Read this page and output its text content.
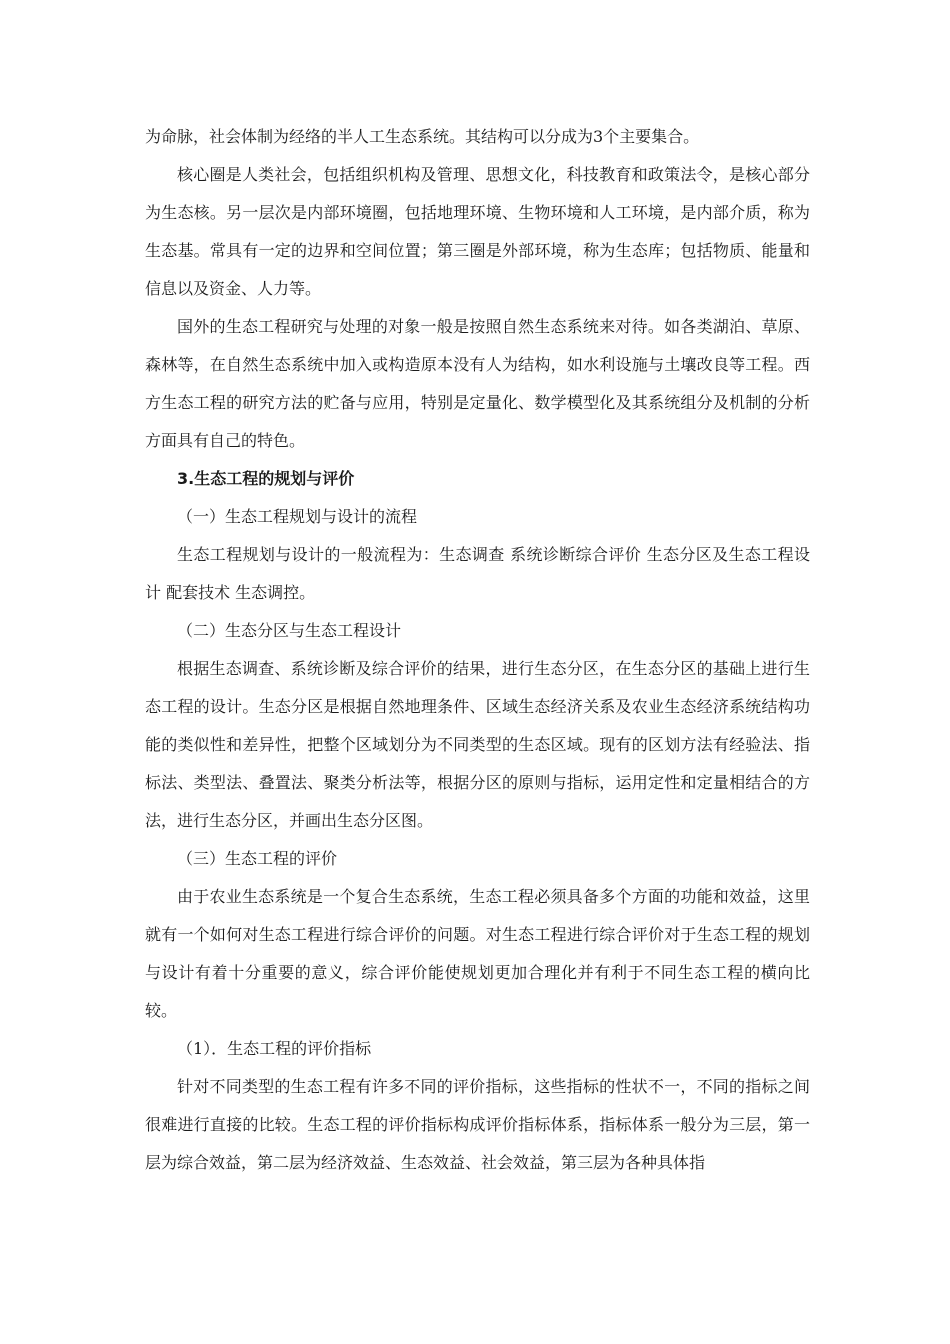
为命脉，社会体制为经络的半人工生态系统。其结构可以分成为3个主要集合。

核心圈是人类社会，包括组织机构及管理、思想文化，科技教育和政策法令，是核心部分为生态核。另一层次是内部环境圈，包括地理环境、生物环境和人工环境，是内部介质，称为生态基。常具有一定的边界和空间位置；第三圈是外部环境，称为生态库；包括物质、能量和信息以及资金、人力等。

国外的生态工程研究与处理的对象一般是按照自然生态系统来对待。如各类湖泊、草原、森林等，在自然生态系统中加入或构造原本没有人为结构，如水利设施与土壤改良等工程。西方生态工程的研究方法的贮备与应用，特别是定量化、数学模型化及其系统组分及机制的分析方面具有自己的特色。

3.生态工程的规划与评价

（一）生态工程规划与设计的流程

生态工程规划与设计的一般流程为：生态调查 系统诊断综合评价 生态分区及生态工程设计 配套技术 生态调控。

（二）生态分区与生态工程设计

根据生态调查、系统诊断及综合评价的结果，进行生态分区，在生态分区的基础上进行生态工程的设计。生态分区是根据自然地理条件、区域生态经济关系及农业生态经济系统结构功能的类似性和差异性，把整个区域划分为不同类型的生态区域。现有的区划方法有经验法、指标法、类型法、叠置法、聚类分析法等，根据分区的原则与指标，运用定性和定量相结合的方法，进行生态分区，并画出生态分区图。

（三）生态工程的评价

由于农业生态系统是一个复合生态系统，生态工程必须具备多个方面的功能和效益，这里就有一个如何对生态工程进行综合评价的问题。对生态工程进行综合评价对于生态工程的规划与设计有着十分重要的意义，综合评价能使规划更加合理化并有利于不同生态工程的横向比较。

（1）．生态工程的评价指标

针对不同类型的生态工程有许多不同的评价指标，这些指标的性状不一，不同的指标之间很难进行直接的比较。生态工程的评价指标构成评价指标体系，指标体系一般分为三层，第一层为综合效益，第二层为经济效益、生态效益、社会效益，第三层为各种具体指
